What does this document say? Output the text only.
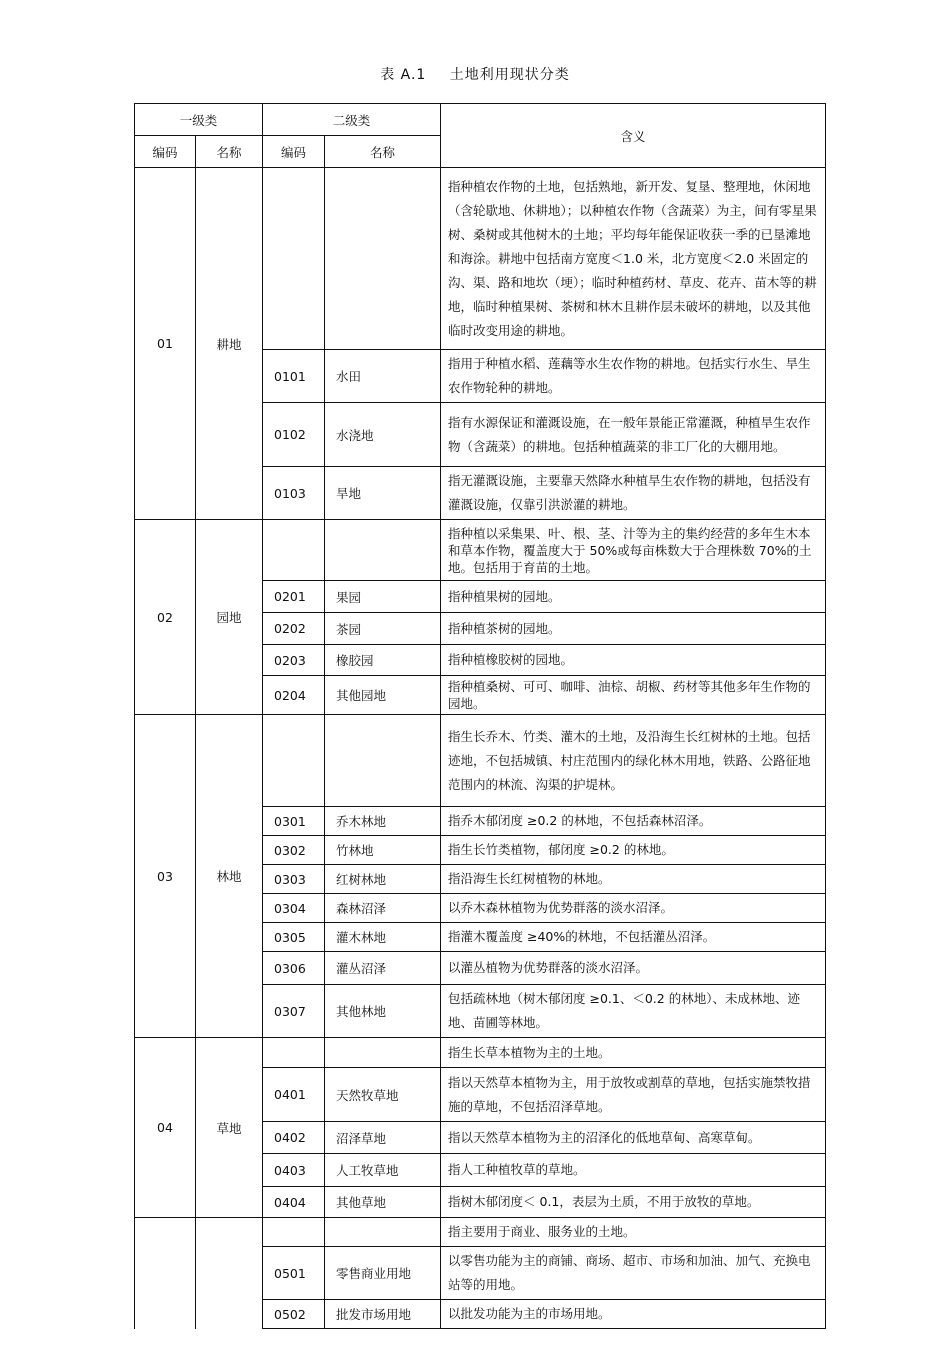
表 A.1 土地利用现状分类
一级类		二级类		含义
编码	名称	编码	名称	
01	耕地			指种植农作物的土地，包括熟地，新开发、复垦、整理地，休闲地（含轮歇地、休耕地）；以种植农作物（含蔬菜）为主，间有零星果树、桑树或其他树木的土地；平均每年能保证收获一季的已垦滩地和海涂。耕地中包括南方宽度＜1.0 米，北方宽度＜2.0 米固定的沟、渠、路和地坎（埂）；临时种植药材、草皮、花卉、苗木等的耕地，临时种植果树、茶树和林木且耕作层未破坏的耕地，以及其他临时改变用途的耕地。
		0101	水田	指用于种植水稻、莲藕等水生农作物的耕地。包括实行水生、旱生农作物轮种的耕地。
		0102	水浇地	指有水源保证和灌溉设施，在一般年景能正常灌溉，种植旱生农作物（含蔬菜）的耕地。包括种植蔬菜的非工厂化的大棚用地。
		0103	旱地	指无灌溉设施，主要靠天然降水种植旱生农作物的耕地，包括没有灌溉设施，仅靠引洪淤灌的耕地。
02	园地			指种植以采集果、叶、根、茎、汁等为主的集约经营的多年生木本和草本作物，覆盖度大于 50%或每亩株数大于合理株数 70%的土地。包括用于育苗的土地。
		0201	果园	指种植果树的园地。
		0202	茶园	指种植茶树的园地。
		0203	橡胶园	指种植橡胶树的园地。
		0204	其他园地	指种植桑树、可可、咖啡、油棕、胡椒、药材等其他多年生作物的园地。
03	林地			指生长乔木、竹类、灌木的土地，及沿海生长红树林的土地。包括迹地，不包括城镇、村庄范围内的绿化林木用地，铁路、公路征地范围内的林流、沟渠的护堤林。
		0301	乔木林地	指乔木郁闭度 ≥0.2 的林地，不包括森林沼泽。
		0302	竹林地	指生长竹类植物，郁闭度 ≥0.2 的林地。
		0303	红树林地	指沿海生长红树植物的林地。
		0304	森林沼泽	以乔木森林植物为优势群落的淡水沼泽。
		0305	灌木林地	指灌木覆盖度 ≥40%的林地，不包括灌丛沼泽。
		0306	灌丛沼泽	以灌丛植物为优势群落的淡水沼泽。
		0307	其他林地	包括疏林地（树木郁闭度 ≥0.1、＜0.2 的林地）、未成林地、迹地、苗圃等林地。
04	草地			指生长草本植物为主的土地。
		0401	天然牧草地	指以天然草本植物为主，用于放牧或割草的草地，包括实施禁牧措施的草地，不包括沼泽草地。
		0402	沼泽草地	指以天然草本植物为主的沼泽化的低地草甸、高寒草甸。
		0403	人工牧草地	指人工种植牧草的草地。
		0404	其他草地	指树木郁闭度＜ 0.1，表层为土质，不用于放牧的草地。
				指主要用于商业、服务业的土地。
		0501	零售商业用地	以零售功能为主的商铺、商场、超市、市场和加油、加气、充换电站等的用地。
		0502	批发市场用地	以批发功能为主的市场用地。
